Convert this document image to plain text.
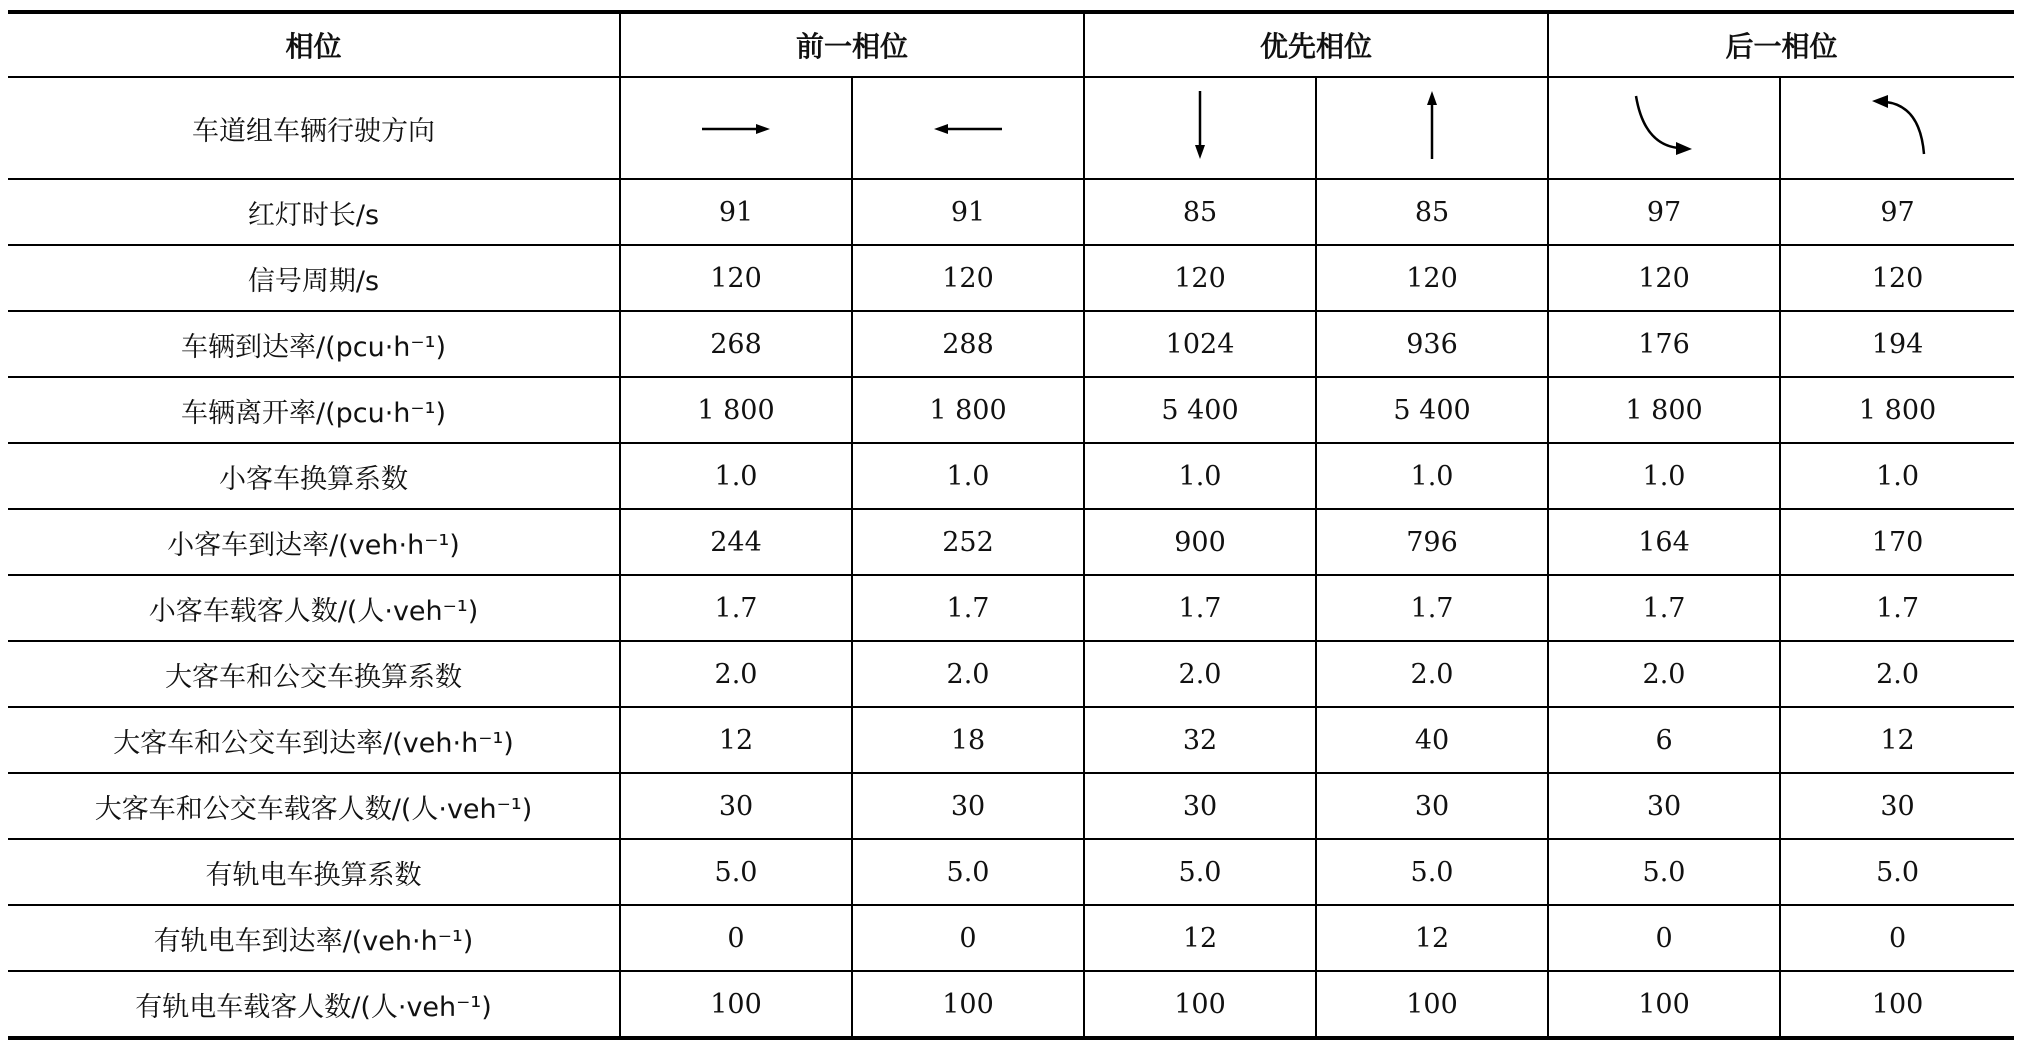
相位	前一相位		优先相位		后一相位	
车道组车辆行驶方向	

红灯时长/s	91	91	85	85	97	97
信号周期/s	120	120	120	120	120	120
车辆到达率/(pcu·h⁻¹)	268	288	1024	936	176	194
车辆离开率/(pcu·h⁻¹)	1 800	1 800	5 400	5 400	1 800	1 800
小客车换算系数	1.0	1.0	1.0	1.0	1.0	1.0
小客车到达率/(veh·h⁻¹)	244	252	900	796	164	170
小客车载客人数/(人·veh⁻¹)	1.7	1.7	1.7	1.7	1.7	1.7
大客车和公交车换算系数	2.0	2.0	2.0	2.0	2.0	2.0
大客车和公交车到达率/(veh·h⁻¹)	12	18	32	40	6	12
大客车和公交车载客人数/(人·veh⁻¹)	30	30	30	30	30	30
有轨电车换算系数	5.0	5.0	5.0	5.0	5.0	5.0
有轨电车到达率/(veh·h⁻¹)	0	0	12	12	0	0
有轨电车载客人数/(人·veh⁻¹)	100	100	100	100	100	100
